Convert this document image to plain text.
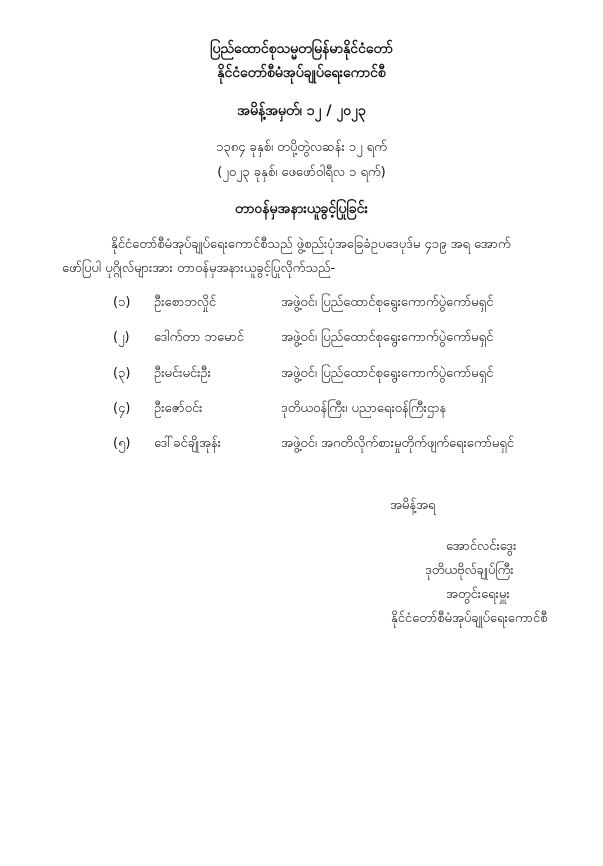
ပြည်ထောင်စုသမ္မတမြန်မာနိုင်ငံတော်
နိုင်ငံတော်စီမံအုပ်ချုပ်ရေးကောင်စီ
အမိန့်အမှတ်၊ ၁၂ / ၂၀၂၃
၁၃၈၄ ခုနှစ်၊ တပို့တွဲလဆန်း ၁၂ ရက်
(၂၀၂၃ ခုနှစ်၊ ဖေဖော်ဝါရီလ ၁ ရက်)
တာဝန်မှအနားယူခွင့်ပြုခြင်း
နိုင်ငံတော်စီမံအုပ်ချုပ်ရေးကောင်စီသည် ဖွဲ့စည်းပုံအခြေခံဥပဒေပုဒ်မ ၄၁၉ အရ အောက်
ဖော်ပြပါ ပုဂ္ဂိုလ်များအား တာဝန်မှအနားယူခွင့်ပြုလိုက်သည်-
(၁) ဦးစောဘလှိုင်	အဖွဲ့ဝင်၊ ပြည်ထောင်စုရွေးကောက်ပွဲကော်မရှင်
(၂) ဒေါက်တာ ဘမောင်	အဖွဲ့ဝင်၊ ပြည်ထောင်စုရွေးကောက်ပွဲကော်မရှင်
(၃) ဦးမင်းမင်းဦး	အဖွဲ့ဝင်၊ ပြည်ထောင်စုရွေးကောက်ပွဲကော်မရှင်
(၄) ဦးဇော်ဝင်း	ဒုတိယဝန်ကြီး၊ ပညာရေးဝန်ကြီးဌာန
(၅) ဒေါ်ခင်ချိုအုန်း	အဖွဲ့ဝင်၊ အဂတိလိုက်စားမှုတိုက်ဖျက်ရေးကော်မရှင်
အမိန့်အရ
အောင်လင်းဒွေး
ဒုတိယဗိုလ်ချုပ်ကြီး
အတွင်းရေးမှူး
နိုင်ငံတော်စီမံအုပ်ချုပ်ရေးကောင်စီ
